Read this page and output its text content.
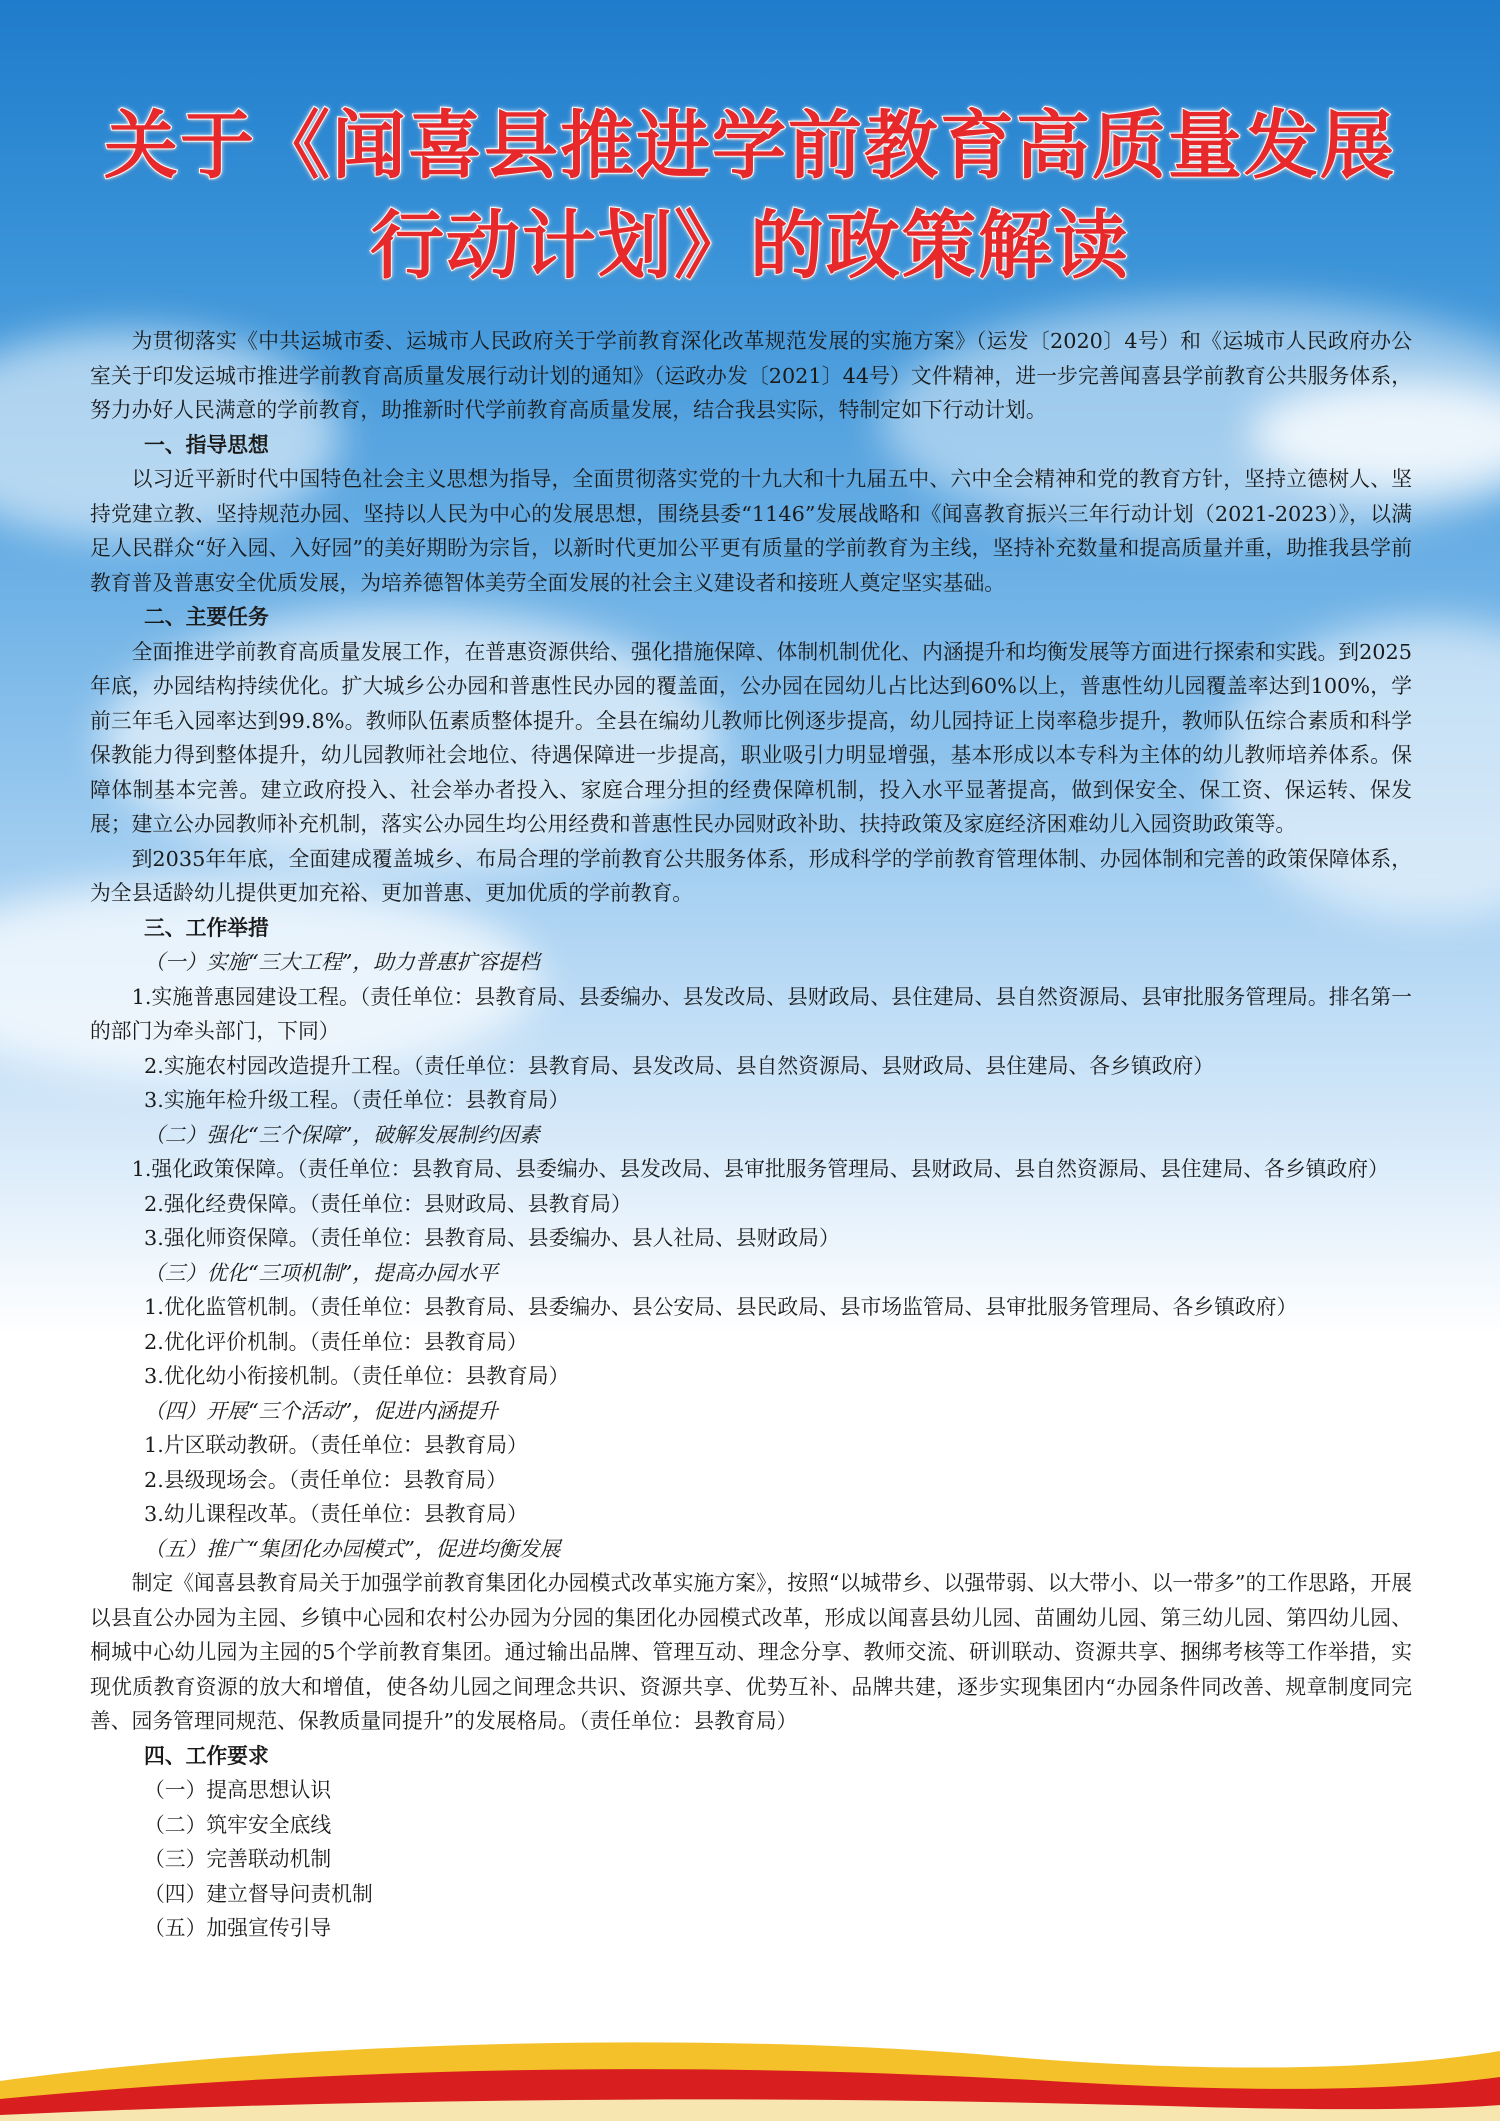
关于《闻喜县推进学前教育高质量发展
行动计划》的政策解读

为贯彻落实《中共运城市委、运城市人民政府关于学前教育深化改革规范发展的实施方案》（运发〔2020〕4号）和《运城市人民政府办公室关于印发运城市推进学前教育高质量发展行动计划的通知》（运政办发〔2021〕44号）文件精神，进一步完善闻喜县学前教育公共服务体系，努力办好人民满意的学前教育，助推新时代学前教育高质量发展，结合我县实际，特制定如下行动计划。

一、指导思想

以习近平新时代中国特色社会主义思想为指导，全面贯彻落实党的十九大和十九届五中、六中全会精神和党的教育方针，坚持立德树人、坚持党建立教、坚持规范办园、坚持以人民为中心的发展思想，围绕县委“1146”发展战略和《闻喜教育振兴三年行动计划（2021-2023）》，以满足人民群众“好入园、入好园”的美好期盼为宗旨，以新时代更加公平更有质量的学前教育为主线，坚持补充数量和提高质量并重，助推我县学前教育普及普惠安全优质发展，为培养德智体美劳全面发展的社会主义建设者和接班人奠定坚实基础。

二、主要任务

全面推进学前教育高质量发展工作，在普惠资源供给、强化措施保障、体制机制优化、内涵提升和均衡发展等方面进行探索和实践。到2025年底，办园结构持续优化。扩大城乡公办园和普惠性民办园的覆盖面，公办园在园幼儿占比达到60%以上，普惠性幼儿园覆盖率达到100%，学前三年毛入园率达到99.8%。教师队伍素质整体提升。全县在编幼儿教师比例逐步提高，幼儿园持证上岗率稳步提升，教师队伍综合素质和科学保教能力得到整体提升，幼儿园教师社会地位、待遇保障进一步提高，职业吸引力明显增强，基本形成以本专科为主体的幼儿教师培养体系。保障体制基本完善。建立政府投入、社会举办者投入、家庭合理分担的经费保障机制，投入水平显著提高，做到保安全、保工资、保运转、保发展；建立公办园教师补充机制，落实公办园生均公用经费和普惠性民办园财政补助、扶持政策及家庭经济困难幼儿入园资助政策等。

到2035年年底，全面建成覆盖城乡、布局合理的学前教育公共服务体系，形成科学的学前教育管理体制、办园体制和完善的政策保障体系，为全县适龄幼儿提供更加充裕、更加普惠、更加优质的学前教育。

三、工作举措

（一）实施“三大工程”，助力普惠扩容提档

1.实施普惠园建设工程。（责任单位：县教育局、县委编办、县发改局、县财政局、县住建局、县自然资源局、县审批服务管理局。排名第一的部门为牵头部门，下同）

2.实施农村园改造提升工程。（责任单位：县教育局、县发改局、县自然资源局、县财政局、县住建局、各乡镇政府）

3.实施年检升级工程。（责任单位：县教育局）

（二）强化“三个保障”，破解发展制约因素

1.强化政策保障。（责任单位：县教育局、县委编办、县发改局、县审批服务管理局、县财政局、县自然资源局、县住建局、各乡镇政府）

2.强化经费保障。（责任单位：县财政局、县教育局）

3.强化师资保障。（责任单位：县教育局、县委编办、县人社局、县财政局）

（三）优化“三项机制”，提高办园水平

1.优化监管机制。（责任单位：县教育局、县委编办、县公安局、县民政局、县市场监管局、县审批服务管理局、各乡镇政府）

2.优化评价机制。（责任单位：县教育局）

3.优化幼小衔接机制。（责任单位：县教育局）

（四）开展“三个活动”，促进内涵提升

1.片区联动教研。（责任单位：县教育局）

2.县级现场会。（责任单位：县教育局）

3.幼儿课程改革。（责任单位：县教育局）

（五）推广“集团化办园模式”，促进均衡发展

制定《闻喜县教育局关于加强学前教育集团化办园模式改革实施方案》，按照“以城带乡、以强带弱、以大带小、以一带多”的工作思路，开展以县直公办园为主园、乡镇中心园和农村公办园为分园的集团化办园模式改革，形成以闻喜县幼儿园、苗圃幼儿园、第三幼儿园、第四幼儿园、桐城中心幼儿园为主园的5个学前教育集团。通过输出品牌、管理互动、理念分享、教师交流、研训联动、资源共享、捆绑考核等工作举措，实现优质教育资源的放大和增值，使各幼儿园之间理念共识、资源共享、优势互补、品牌共建，逐步实现集团内“办园条件同改善、规章制度同完善、园务管理同规范、保教质量同提升”的发展格局。（责任单位：县教育局）

四、工作要求

（一）提高思想认识

（二）筑牢安全底线

（三）完善联动机制

（四）建立督导问责机制

（五）加强宣传引导
